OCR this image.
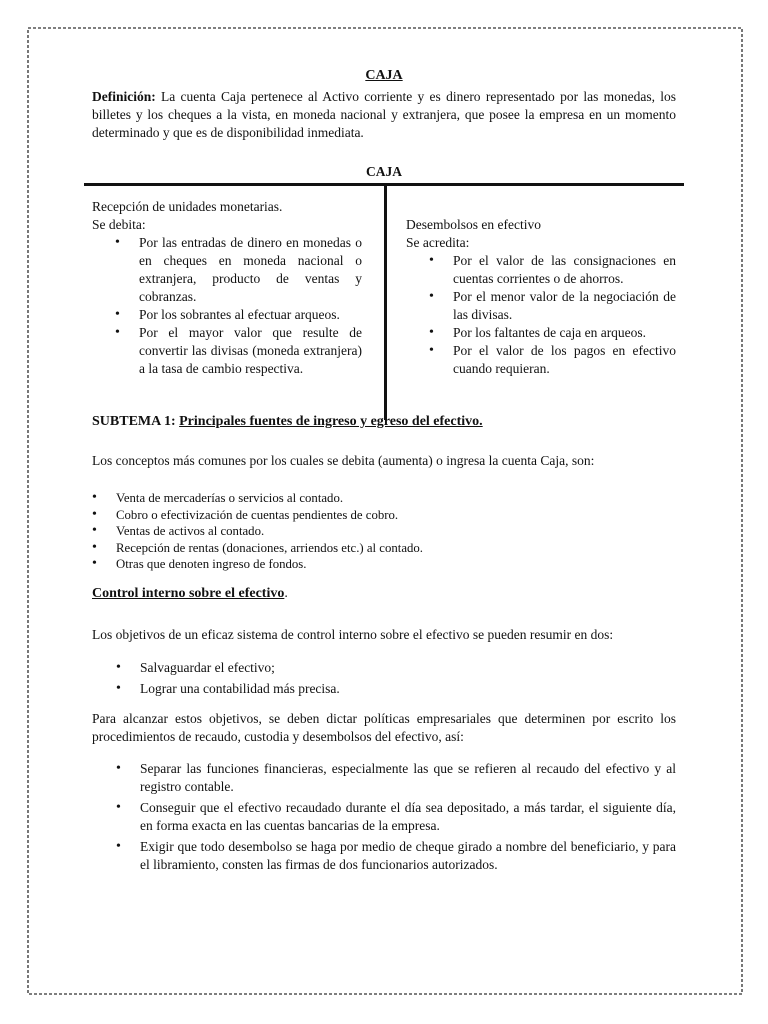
CAJA
Definición: La cuenta Caja pertenece al Activo corriente y es dinero representado por las monedas, los billetes y los cheques a la vista, en moneda nacional y extranjera, que posee la empresa en un momento determinado y que es de disponibilidad inmediata.
CAJA
Recepción de unidades monetarias.
Se debita:
• Por las entradas de dinero en monedas o en cheques en moneda nacional o extranjera, producto de ventas y cobranzas.
• Por los sobrantes al efectuar arqueos.
• Por el mayor valor que resulte de convertir las divisas (moneda extranjera) a la tasa de cambio respectiva.
Desembolsos en efectivo
Se acredita:
• Por el valor de las consignaciones en cuentas corrientes o de ahorros.
• Por el menor valor de la negociación de las divisas.
• Por los faltantes de caja en arqueos.
• Por el valor de los pagos en efectivo cuando requieran.
SUBTEMA 1: Principales fuentes de ingreso y egreso del efectivo.
Los conceptos más comunes por los cuales se debita (aumenta) o ingresa la cuenta Caja, son:
• Venta de mercaderías o servicios al contado.
• Cobro o efectivización de cuentas pendientes de cobro.
• Ventas de activos al contado.
• Recepción de rentas (donaciones, arriendos etc.) al contado.
• Otras que denoten ingreso de fondos.
Control interno sobre el efectivo.
Los objetivos de un eficaz sistema de control interno sobre el efectivo se pueden resumir en dos:
• Salvaguardar el efectivo;
• Lograr una contabilidad más precisa.
Para alcanzar estos objetivos, se deben dictar políticas empresariales que determinen por escrito los procedimientos de recaudo, custodia y desembolsos del efectivo, así:
• Separar las funciones financieras, especialmente las que se refieren al recaudo del efectivo y al registro contable.
• Conseguir que el efectivo recaudado durante el día sea depositado, a más tardar, el siguiente día, en forma exacta en las cuentas bancarias de la empresa.
• Exigir que todo desembolso se haga por medio de cheque girado a nombre del beneficiario, y para el libramiento, consten las firmas de dos funcionarios autorizados.
